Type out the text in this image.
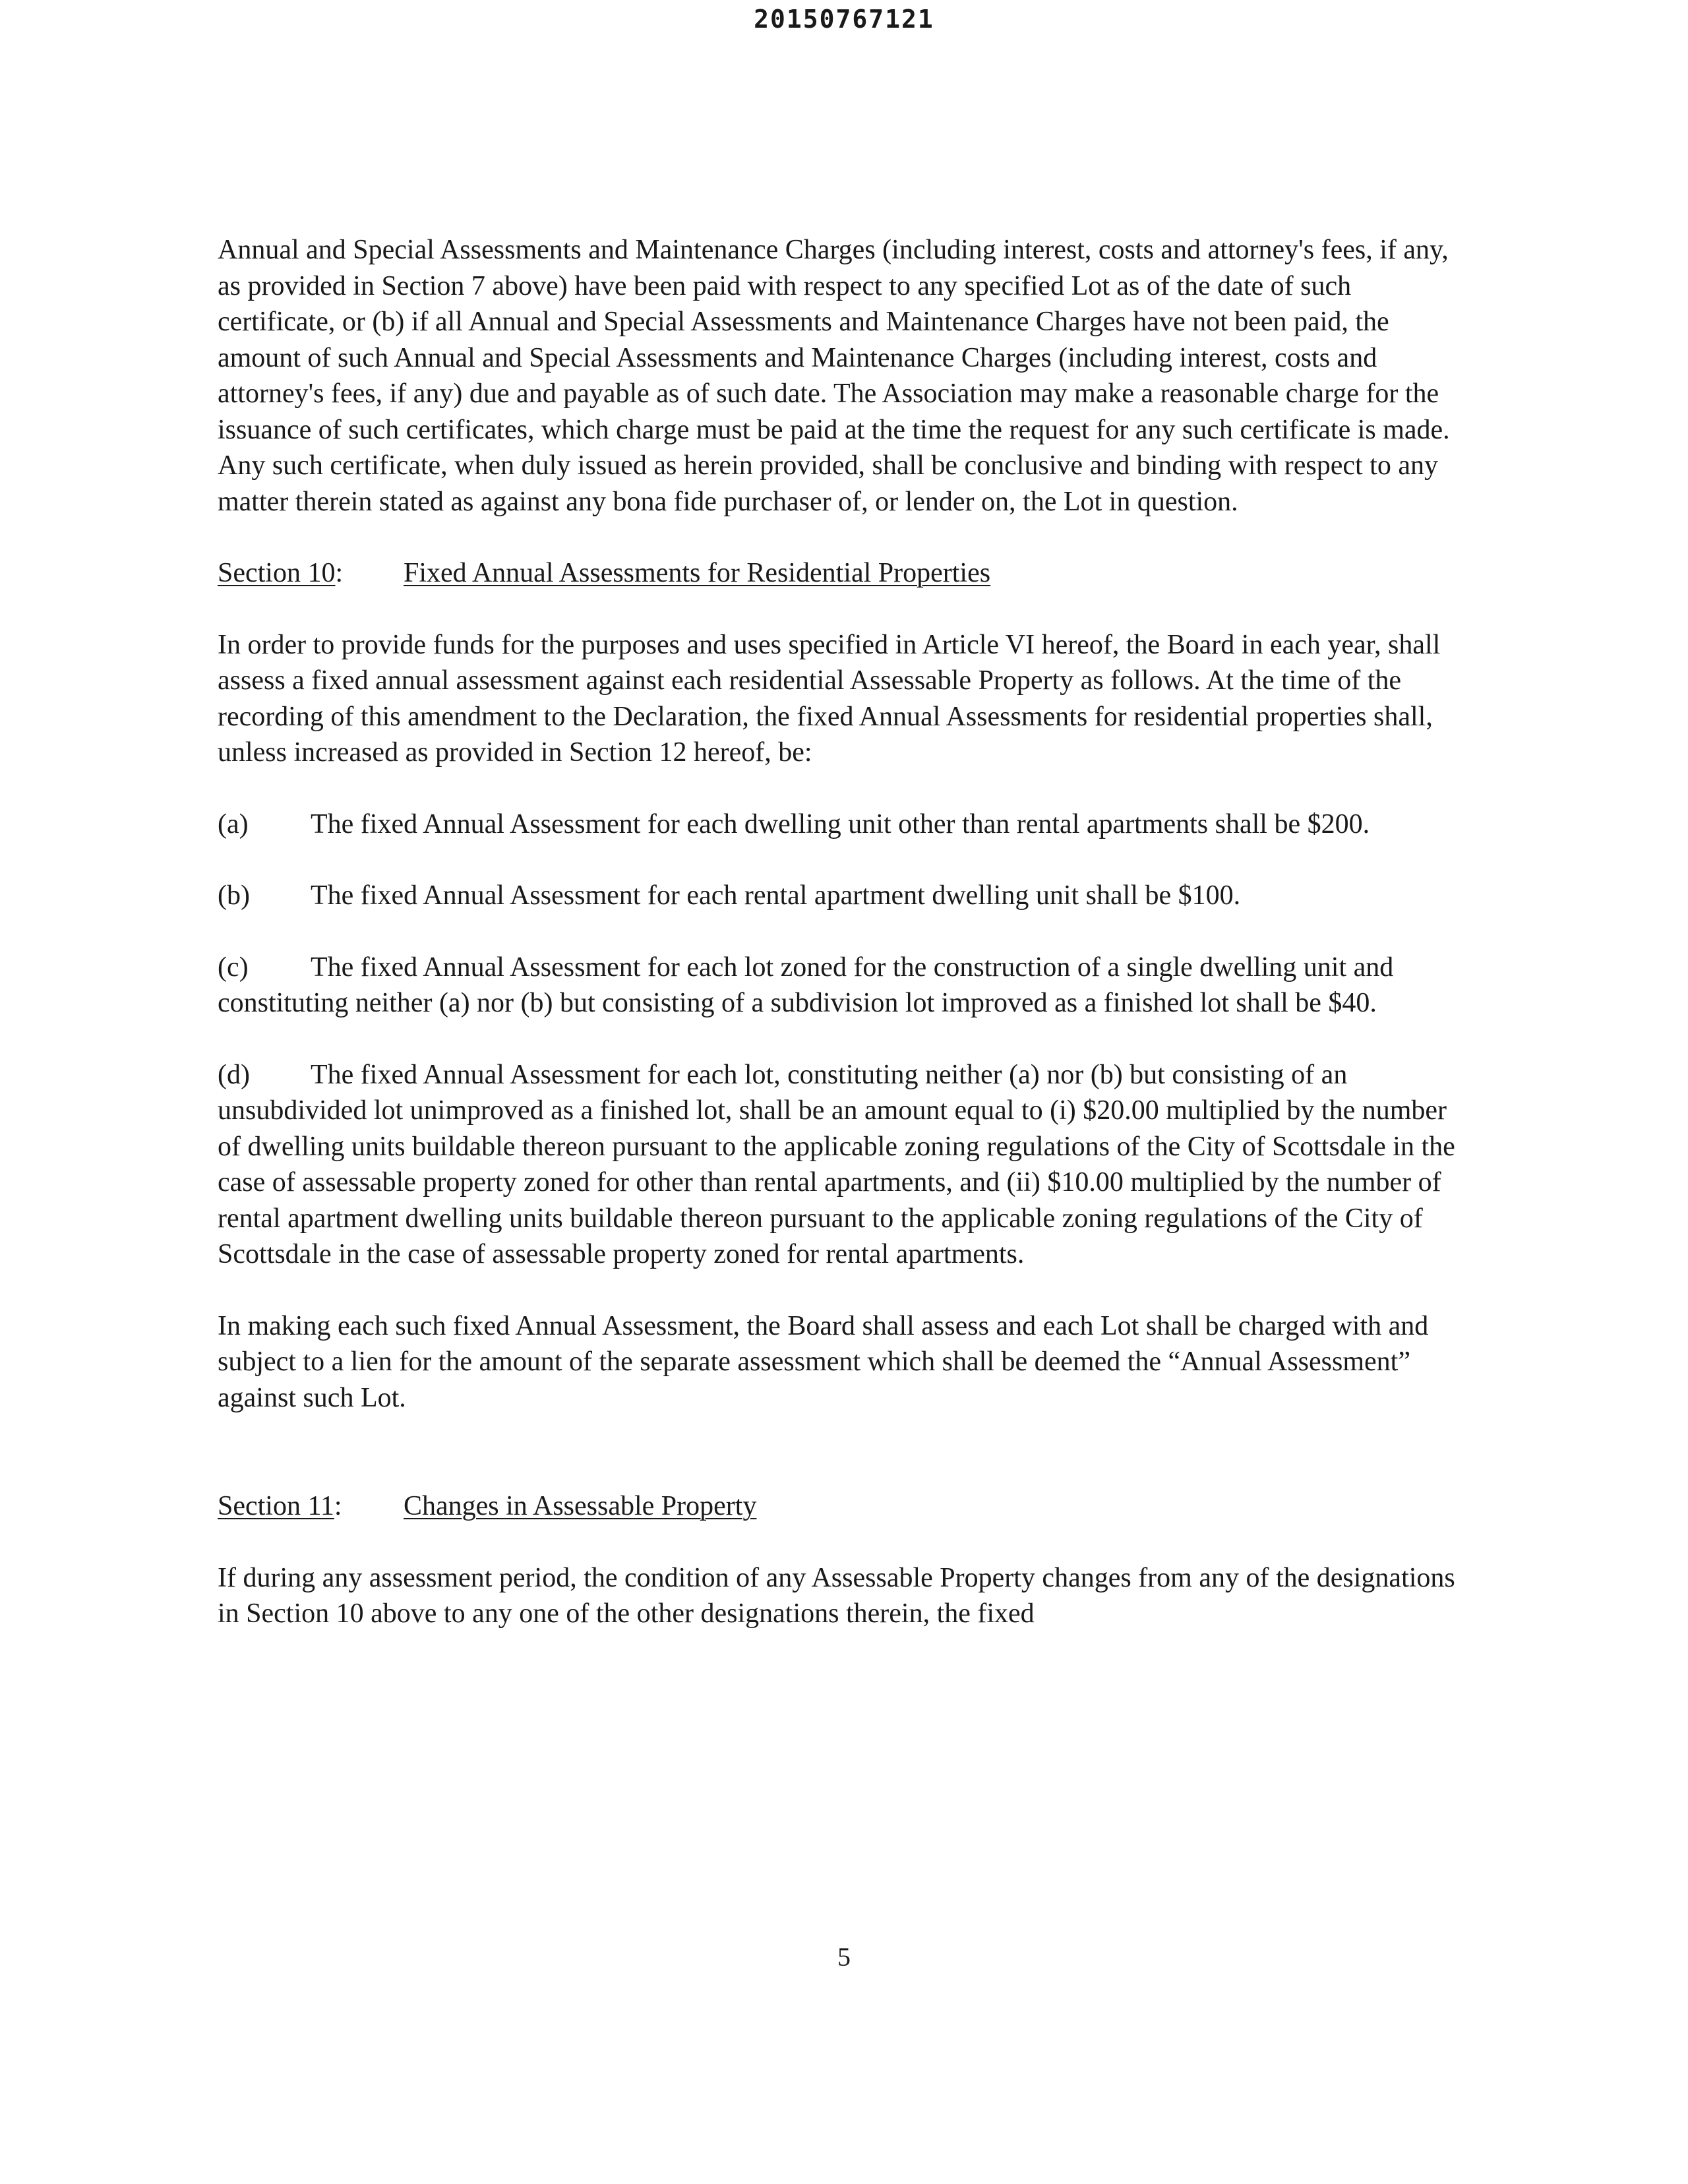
20150767121

Annual and Special Assessments and Maintenance Charges (including interest, costs and attorney's fees, if any, as provided in Section 7 above) have been paid with respect to any specified Lot as of the date of such certificate, or (b) if all Annual and Special Assessments and Maintenance Charges have not been paid, the amount of such Annual and Special Assessments and Maintenance Charges (including interest, costs and attorney's fees, if any) due and payable as of such date. The Association may make a reasonable charge for the issuance of such certificates, which charge must be paid at the time the request for any such certificate is made. Any such certificate, when duly issued as herein provided, shall be conclusive and binding with respect to any matter therein stated as against any bona fide purchaser of, or lender on, the Lot in question.

Section 10:	Fixed Annual Assessments for Residential Properties

In order to provide funds for the purposes and uses specified in Article VI hereof, the Board in each year, shall assess a fixed annual assessment against each residential Assessable Property as follows. At the time of the recording of this amendment to the Declaration, the fixed Annual Assessments for residential properties shall, unless increased as provided in Section 12 hereof, be:

(a) The fixed Annual Assessment for each dwelling unit other than rental apartments shall be $200.

(b) The fixed Annual Assessment for each rental apartment dwelling unit shall be $100.

(c) The fixed Annual Assessment for each lot zoned for the construction of a single dwelling unit and constituting neither (a) nor (b) but consisting of a subdivision lot improved as a finished lot shall be $40.

(d) The fixed Annual Assessment for each lot, constituting neither (a) nor (b) but consisting of an unsubdivided lot unimproved as a finished lot, shall be an amount equal to (i) $20.00 multiplied by the number of dwelling units buildable thereon pursuant to the applicable zoning regulations of the City of Scottsdale in the case of assessable property zoned for other than rental apartments, and (ii) $10.00 multiplied by the number of rental apartment dwelling units buildable thereon pursuant to the applicable zoning regulations of the City of Scottsdale in the case of assessable property zoned for rental apartments.

In making each such fixed Annual Assessment, the Board shall assess and each Lot shall be charged with and subject to a lien for the amount of the separate assessment which shall be deemed the “Annual Assessment” against such Lot.

Section 11:	Changes in Assessable Property

If during any assessment period, the condition of any Assessable Property changes from any of the designations in Section 10 above to any one of the other designations therein, the fixed

5
